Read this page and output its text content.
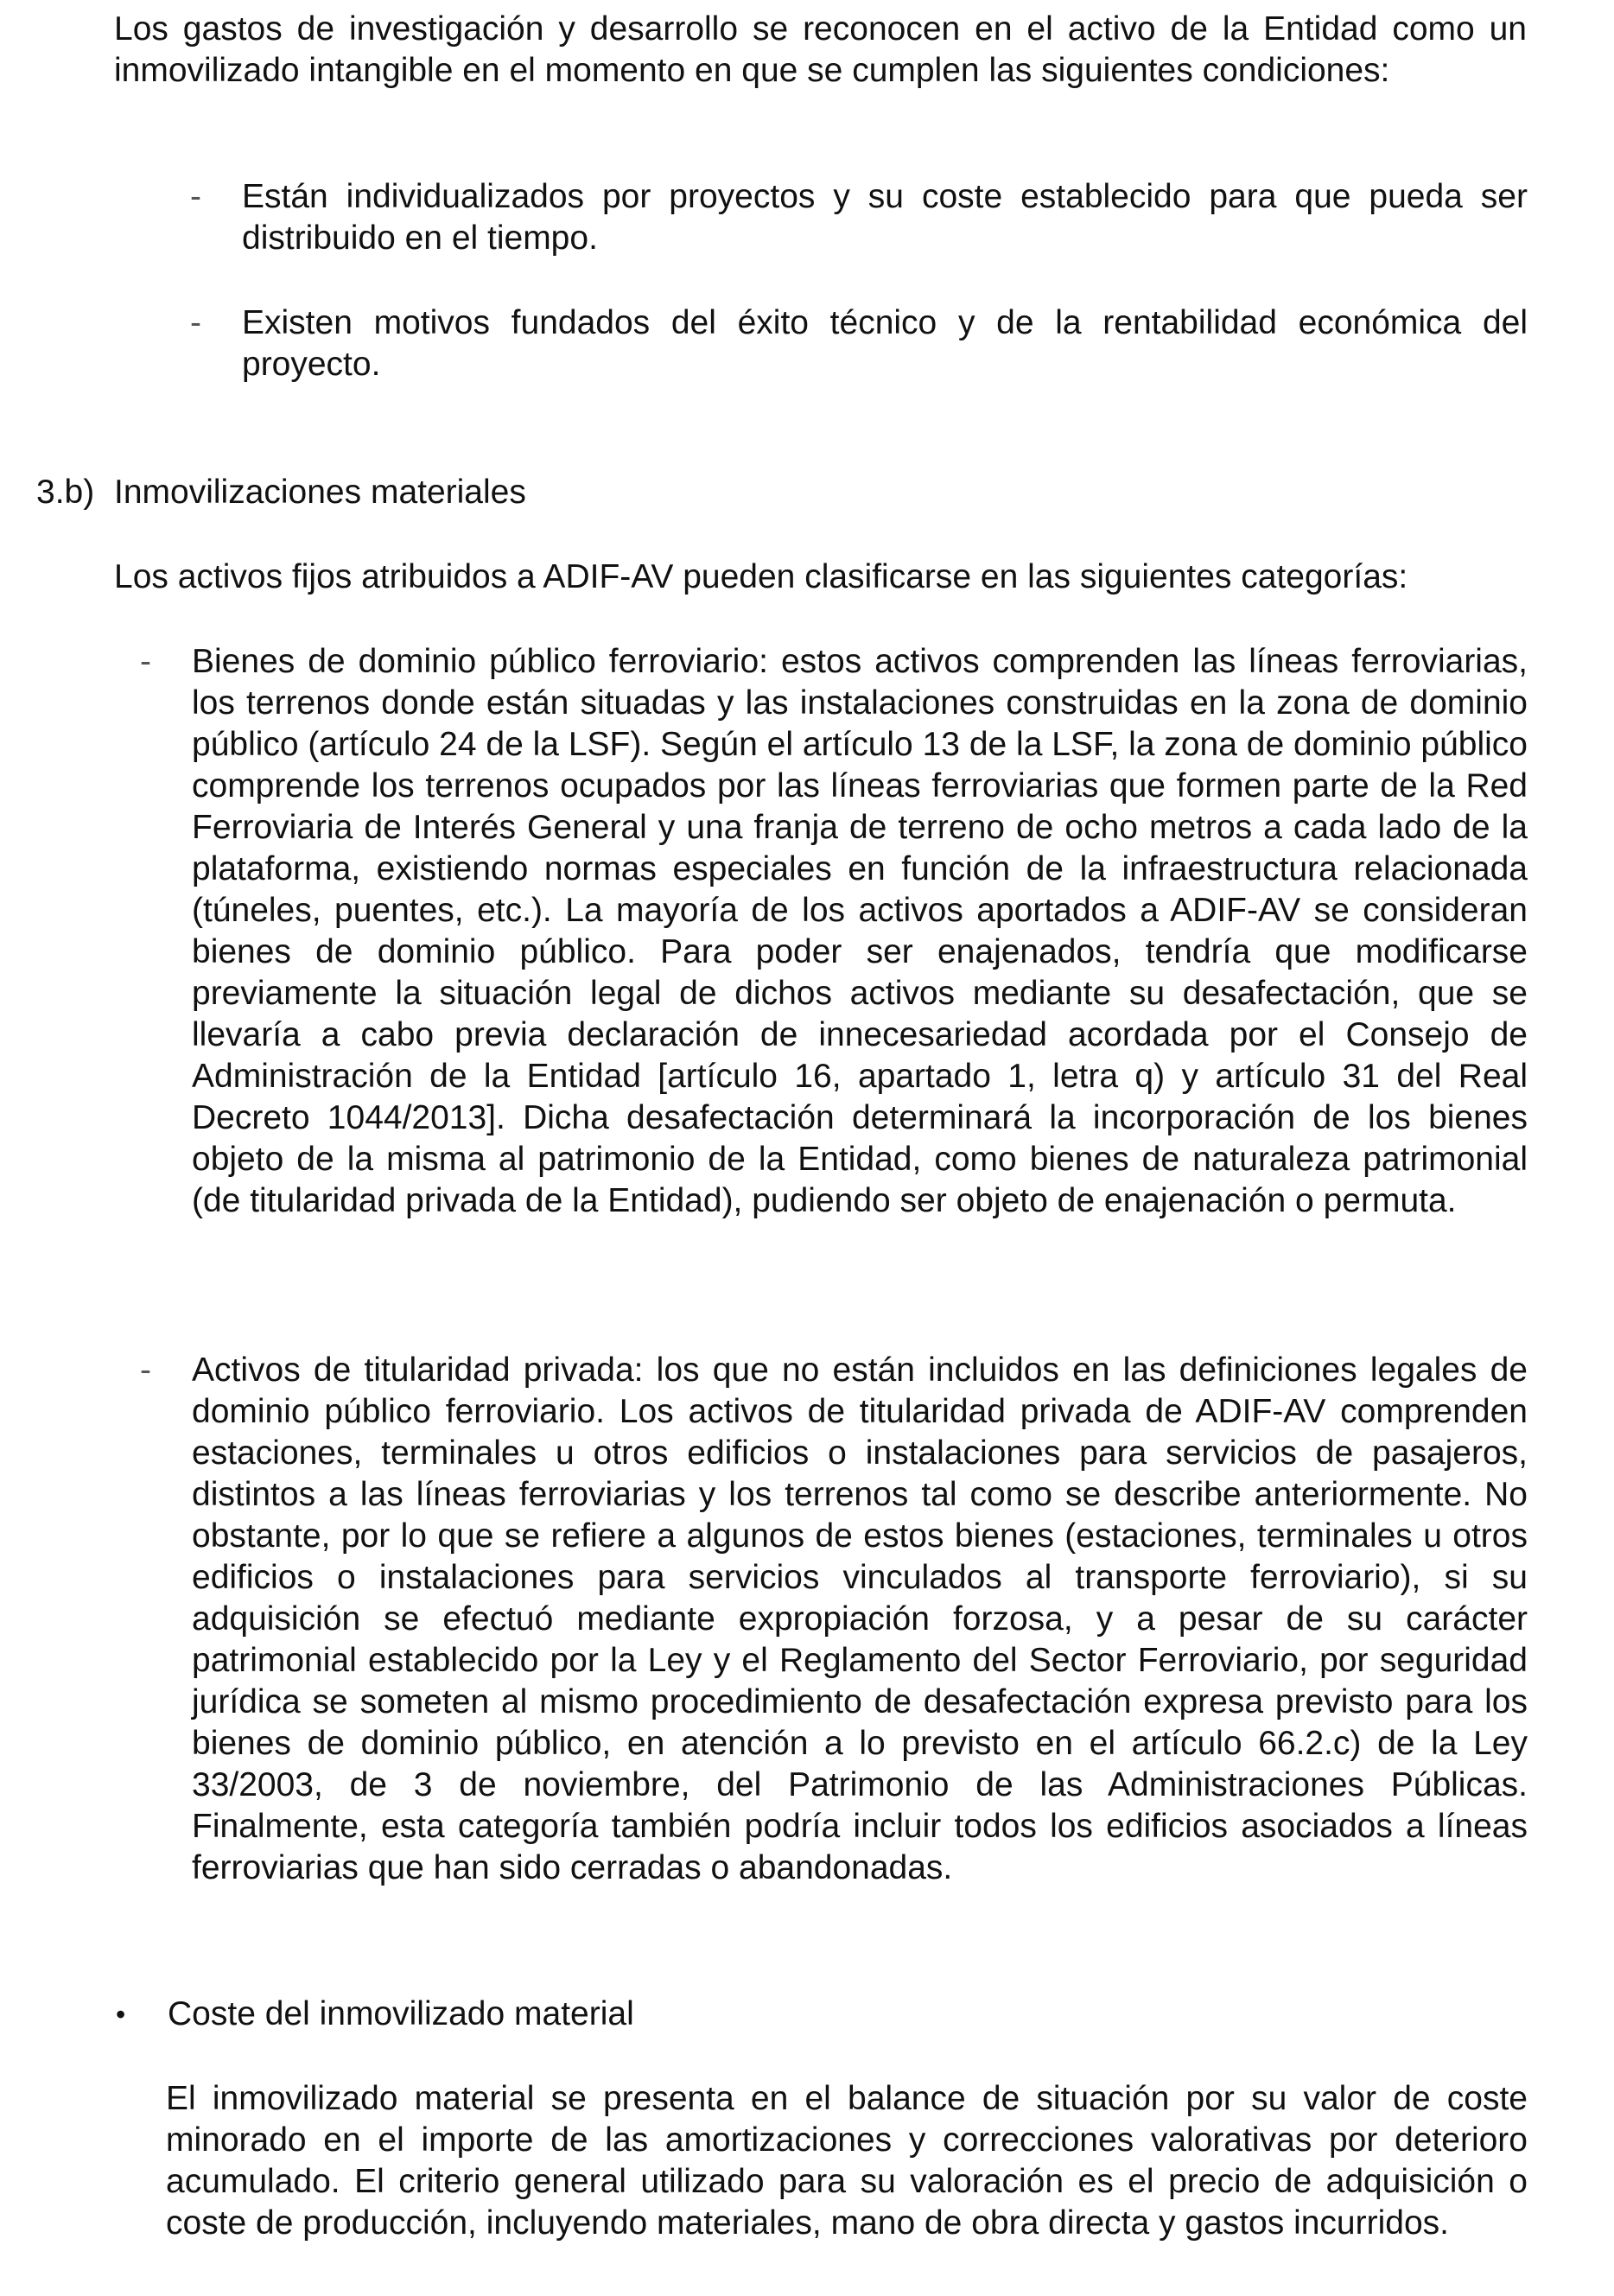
Los gastos de investigación y desarrollo se reconocen en el activo de la Entidad como un inmovilizado intangible en el momento en que se cumplen las siguientes condiciones:

- Están individualizados por proyectos y su coste establecido para que pueda ser distribuido en el tiempo.

- Existen motivos fundados del éxito técnico y de la rentabilidad económica del proyecto.

3.b) Inmovilizaciones materiales

Los activos fijos atribuidos a ADIF-AV pueden clasificarse en las siguientes categorías:

- Bienes de dominio público ferroviario: estos activos comprenden las líneas ferroviarias, los terrenos donde están situadas y las instalaciones construidas en la zona de dominio público (artículo 24 de la LSF). Según el artículo 13 de la LSF, la zona de dominio público comprende los terrenos ocupados por las líneas ferroviarias que formen parte de la Red Ferroviaria de Interés General y una franja de terreno de ocho metros a cada lado de la plataforma, existiendo normas especiales en función de la infraestructura relacionada (túneles, puentes, etc.). La mayoría de los activos aportados a ADIF-AV se consideran bienes de dominio público. Para poder ser enajenados, tendría que modificarse previamente la situación legal de dichos activos mediante su desafectación, que se llevaría a cabo previa declaración de innecesariedad acordada por el Consejo de Administración de la Entidad [artículo 16, apartado 1, letra q) y artículo 31 del Real Decreto 1044/2013]. Dicha desafectación determinará la incorporación de los bienes objeto de la misma al patrimonio de la Entidad, como bienes de naturaleza patrimonial (de titularidad privada de la Entidad), pudiendo ser objeto de enajenación o permuta.

- Activos de titularidad privada: los que no están incluidos en las definiciones legales de dominio público ferroviario. Los activos de titularidad privada de ADIF-AV comprenden estaciones, terminales u otros edificios o instalaciones para servicios de pasajeros, distintos a las líneas ferroviarias y los terrenos tal como se describe anteriormente. No obstante, por lo que se refiere a algunos de estos bienes (estaciones, terminales u otros edificios o instalaciones para servicios vinculados al transporte ferroviario), si su adquisición se efectuó mediante expropiación forzosa, y a pesar de su carácter patrimonial establecido por la Ley y el Reglamento del Sector Ferroviario, por seguridad jurídica se someten al mismo procedimiento de desafectación expresa previsto para los bienes de dominio público, en atención a lo previsto en el artículo 66.2.c) de la Ley 33/2003, de 3 de noviembre, del Patrimonio de las Administraciones Públicas. Finalmente, esta categoría también podría incluir todos los edificios asociados a líneas ferroviarias que han sido cerradas o abandonadas.

• Coste del inmovilizado material

El inmovilizado material se presenta en el balance de situación por su valor de coste minorado en el importe de las amortizaciones y correcciones valorativas por deterioro acumulado. El criterio general utilizado para su valoración es el precio de adquisición o coste de producción, incluyendo materiales, mano de obra directa y gastos incurridos.
